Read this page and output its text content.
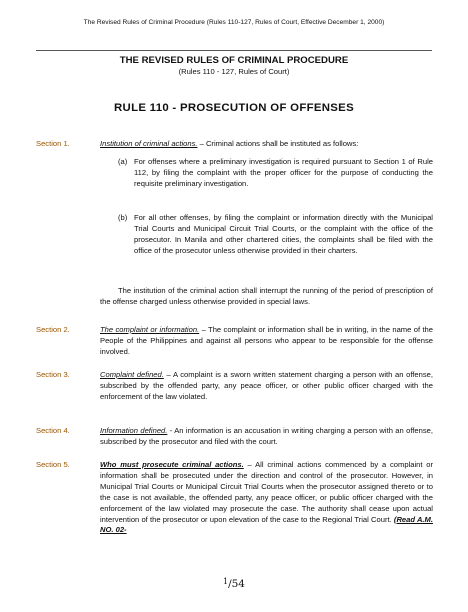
The Revised Rules of Criminal Procedure (Rules 110-127, Rules of Court, Effective December 1, 2000)
THE REVISED RULES OF CRIMINAL PROCEDURE
(Rules 110 - 127, Rules of Court)
RULE 110 - PROSECUTION OF OFFENSES
Section 1.	Institution of criminal actions. – Criminal actions shall be instituted as follows:
(a) For offenses where a preliminary investigation is required pursuant to Section 1 of Rule 112, by filing the complaint with the proper officer for the purpose of conducting the requisite preliminary investigation.
(b) For all other offenses, by filing the complaint or information directly with the Municipal Trial Courts and Municipal Circuit Trial Courts, or the complaint with the office of the prosecutor. In Manila and other chartered cities, the complaints shall be filed with the office of the prosecutor unless otherwise provided in their charters.
The institution of the criminal action shall interrupt the running of the period of prescription of the offense charged unless otherwise provided in special laws.
Section 2.	The complaint or information. – The complaint or information shall be in writing, in the name of the People of the Philippines and against all persons who appear to be responsible for the offense involved.
Section 3.	Complaint defined. – A complaint is a sworn written statement charging a person with an offense, subscribed by the offended party, any peace officer, or other public officer charged with the enforcement of the law violated.
Section 4.	Information defined. - An information is an accusation in writing charging a person with an offense, subscribed by the prosecutor and filed with the court.
Section 5.	Who must prosecute criminal actions. – All criminal actions commenced by a complaint or information shall be prosecuted under the direction and control of the prosecutor. However, in Municipal Trial Courts or Municipal Circuit Trial Courts when the prosecutor assigned thereto or to the case is not available, the offended party, any peace officer, or public officer charged with the enforcement of the law violated may prosecute the case. The authority shall cease upon actual intervention of the prosecutor or upon elevation of the case to the Regional Trial Court. (Read A.M. NO. 02-
$^1$/54
